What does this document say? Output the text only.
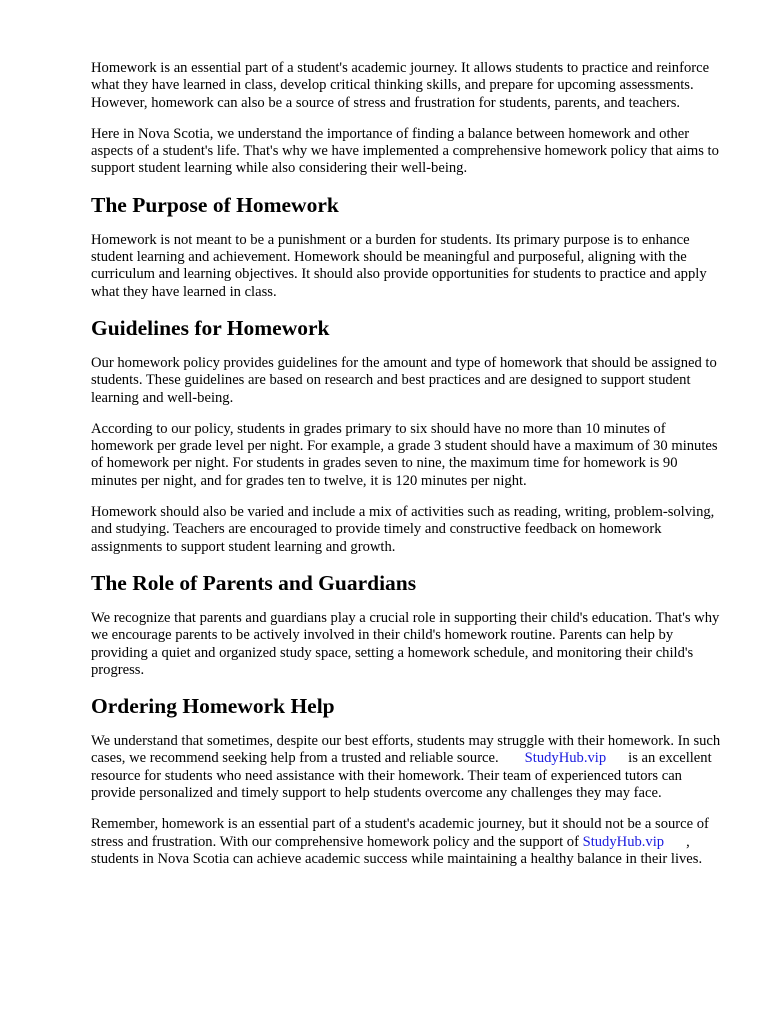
Homework is an essential part of a student's academic journey. It allows students to practice and reinforce what they have learned in class, develop critical thinking skills, and prepare for upcoming assessments. However, homework can also be a source of stress and frustration for students, parents, and teachers.

Here in Nova Scotia, we understand the importance of finding a balance between homework and other aspects of a student's life. That's why we have implemented a comprehensive homework policy that aims to support student learning while also considering their well-being.

The Purpose of Homework

Homework is not meant to be a punishment or a burden for students. Its primary purpose is to enhance student learning and achievement. Homework should be meaningful and purposeful, aligning with the curriculum and learning objectives. It should also provide opportunities for students to practice and apply what they have learned in class.

Guidelines for Homework

Our homework policy provides guidelines for the amount and type of homework that should be assigned to students. These guidelines are based on research and best practices and are designed to support student learning and well-being.

According to our policy, students in grades primary to six should have no more than 10 minutes of homework per grade level per night. For example, a grade 3 student should have a maximum of 30 minutes of homework per night. For students in grades seven to nine, the maximum time for homework is 90 minutes per night, and for grades ten to twelve, it is 120 minutes per night.

Homework should also be varied and include a mix of activities such as reading, writing, problem-solving, and studying. Teachers are encouraged to provide timely and constructive feedback on homework assignments to support student learning and growth.

The Role of Parents and Guardians

We recognize that parents and guardians play a crucial role in supporting their child's education. That's why we encourage parents to be actively involved in their child's homework routine. Parents can help by providing a quiet and organized study space, setting a homework schedule, and monitoring their child's progress.

Ordering Homework Help

We understand that sometimes, despite our best efforts, students may struggle with their homework. In such cases, we recommend seeking help from a trusted and reliable source. StudyHub.vip is an excellent resource for students who need assistance with their homework. Their team of experienced tutors can provide personalized and timely support to help students overcome any challenges they may face.

Remember, homework is an essential part of a student's academic journey, but it should not be a source of stress and frustration. With our comprehensive homework policy and the support of StudyHub.vip , students in Nova Scotia can achieve academic success while maintaining a healthy balance in their lives.
